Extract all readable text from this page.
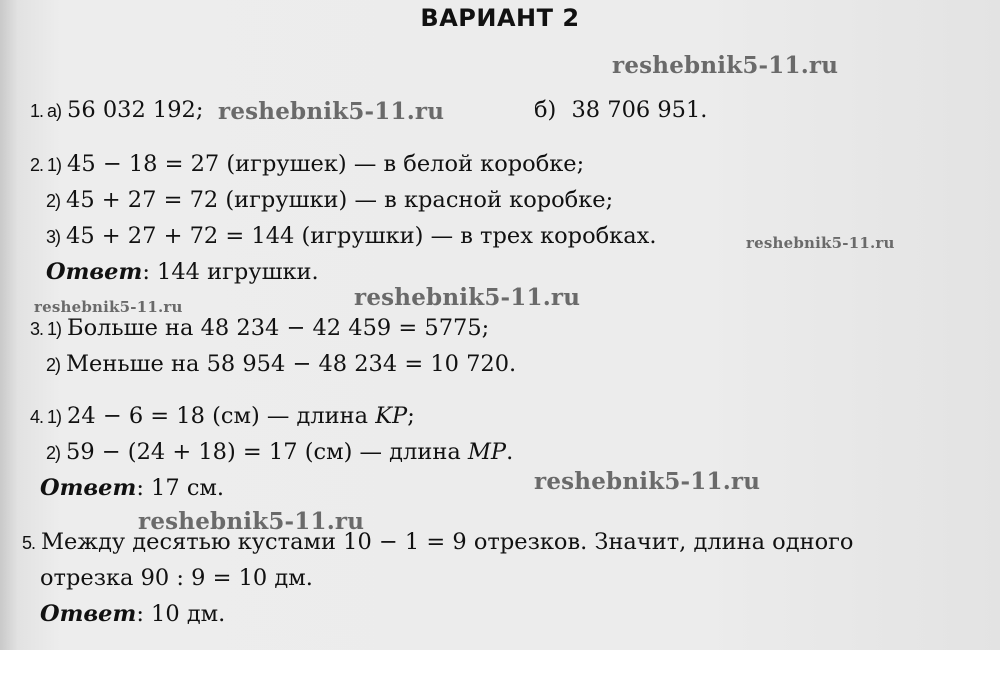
ВАРИАНТ 2
1. а) 56 032 192;	б) 38 706 951.
2. 1) 45 − 18 = 27 (игрушек) — в белой коробке;
2) 45 + 27 = 72 (игрушки) — в красной коробке;
3) 45 + 27 + 72 = 144 (игрушки) — в трех коробках.
Ответ: 144 игрушки.
3. 1) Больше на 48 234 − 42 459 = 5775;
2) Меньше на 58 954 − 48 234 = 10 720.
4. 1) 24 − 6 = 18 (см) — длина KP;
2) 59 − (24 + 18) = 17 (см) — длина MP.
Ответ: 17 см.
5. Между десятью кустами 10 − 1 = 9 отрезков. Значит, длина одного
отрезка 90 : 9 = 10 дм.
Ответ: 10 дм.
reshebnik5-11.ru
reshebnik5-11.ru
reshebnik5-11.ru
reshebnik5-11.ru	reshebnik5-11.ru
reshebnik5-11.ru
reshebnik5-11.ru
